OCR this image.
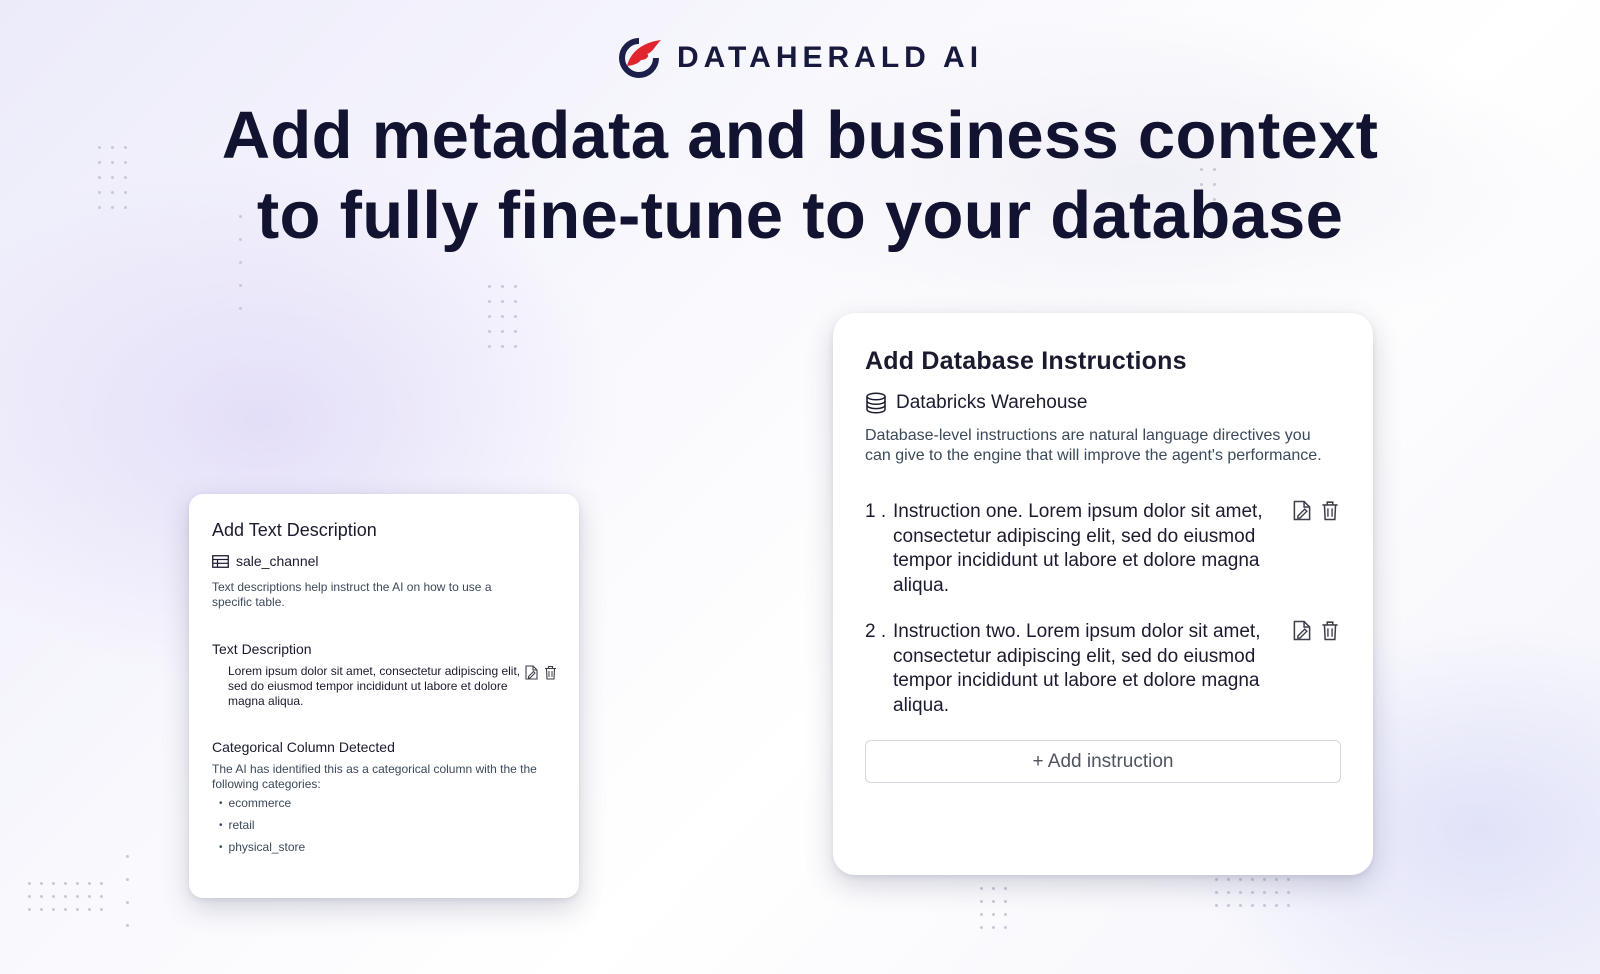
DATAHERALD AI
Add metadata and business context
to fully fine-tune to your database
Add Text Description
sale_channel
Text descriptions help instruct the AI on how to use a specific table.
Text Description
Lorem ipsum dolor sit amet, consectetur adipiscing elit, sed do eiusmod tempor incididunt ut labore et dolore magna aliqua.
Categorical Column Detected
The AI has identified this as a categorical column with the the following categories:
• ecommerce
• retail
• physical_store
Add Database Instructions
Databricks Warehouse
Database-level instructions are natural language directives you can give to the engine that will improve the agent's performance.
1 . Instruction one. Lorem ipsum dolor sit amet, consectetur adipiscing elit, sed do eiusmod tempor incididunt ut labore et dolore magna aliqua.
2 . Instruction two. Lorem ipsum dolor sit amet, consectetur adipiscing elit, sed do eiusmod tempor incididunt ut labore et dolore magna aliqua.
+ Add instruction
